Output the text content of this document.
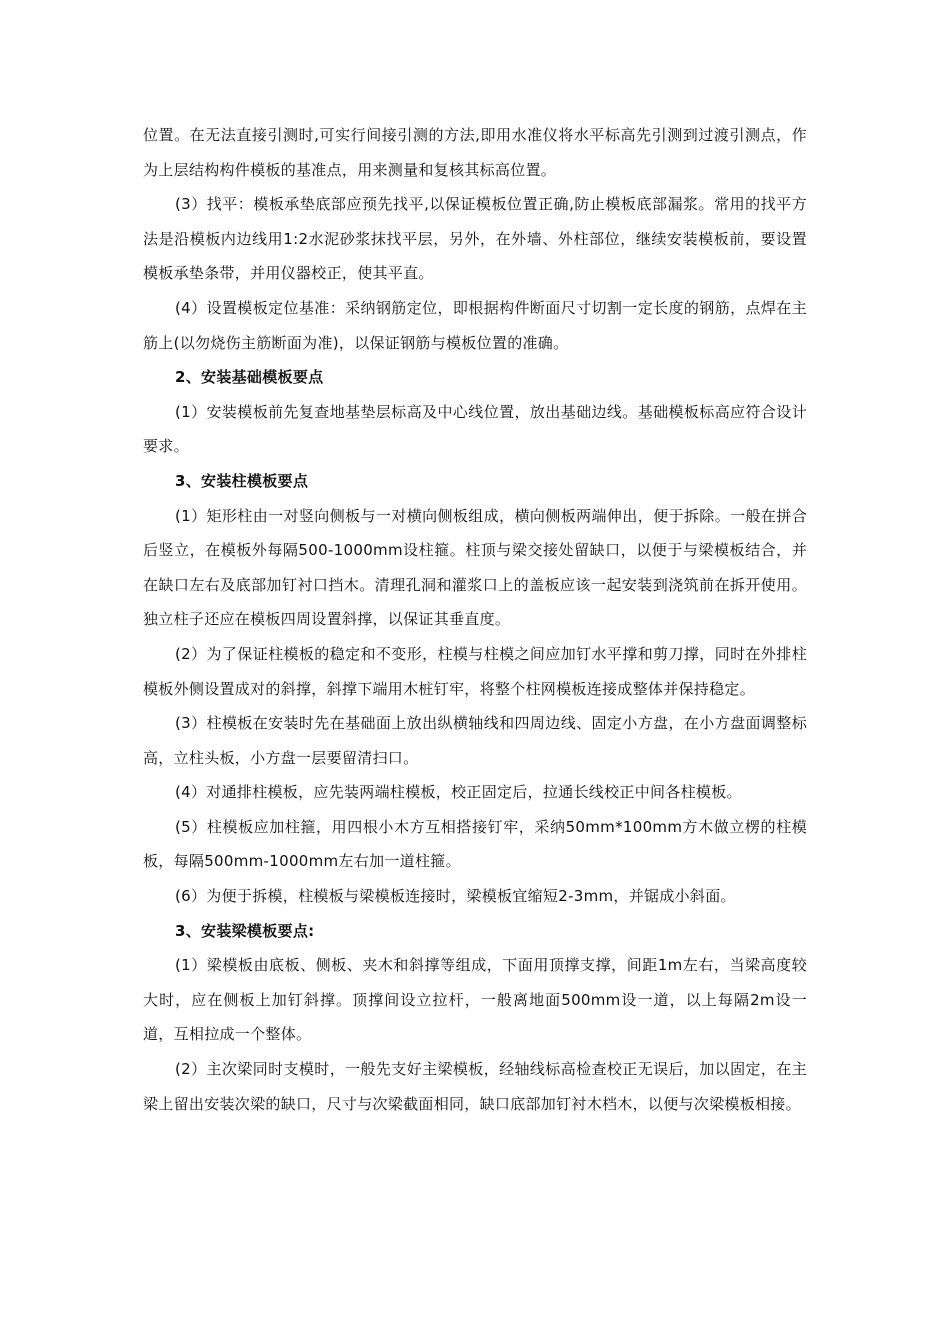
位置。在无法直接引测时,可实行间接引测的方法,即用水准仪将水平标高先引测到过渡引测点，作为上层结构构件模板的基准点，用来测量和复核其标高位置。

(3）找平：模板承垫底部应预先找平,以保证模板位置正确,防止模板底部漏浆。常用的找平方法是沿模板内边线用1:2水泥砂浆抹找平层，另外，在外墙、外柱部位，继续安装模板前，要设置模板承垫条带，并用仪器校正，使其平直。

(4）设置模板定位基准：采纳钢筋定位，即根据构件断面尺寸切割一定长度的钢筋，点焊在主筋上(以勿烧伤主筋断面为准)，以保证钢筋与模板位置的准确。

2、安装基础模板要点

(1）安装模板前先复查地基垫层标高及中心线位置，放出基础边线。基础模板标高应符合设计要求。

3、安装柱模板要点

(1）矩形柱由一对竖向侧板与一对横向侧板组成，横向侧板两端伸出，便于拆除。一般在拼合后竖立，在模板外每隔500-1000mm设柱箍。柱顶与梁交接处留缺口，以便于与梁模板结合，并在缺口左右及底部加钉衬口挡木。清理孔洞和灌浆口上的盖板应该一起安装到浇筑前在拆开使用。独立柱子还应在模板四周设置斜撑，以保证其垂直度。

(2）为了保证柱模板的稳定和不变形，柱模与柱模之间应加钉水平撑和剪刀撑，同时在外排柱模板外侧设置成对的斜撑，斜撑下端用木桩钉牢，将整个柱网模板连接成整体并保持稳定。

(3）柱模板在安装时先在基础面上放出纵横轴线和四周边线、固定小方盘，在小方盘面调整标高，立柱头板，小方盘一层要留清扫口。

(4）对通排柱模板，应先装两端柱模板，校正固定后，拉通长线校正中间各柱模板。

(5）柱模板应加柱箍，用四根小木方互相搭接钉牢，采纳50mm*100mm方木做立楞的柱模板，每隔500mm-1000mm左右加一道柱箍。

(6）为便于拆模，柱模板与梁模板连接时，梁模板宜缩短2-3mm，并锯成小斜面。

3、安装梁模板要点:

(1）梁模板由底板、侧板、夹木和斜撑等组成，下面用顶撑支撑，间距1m左右，当梁高度较大时，应在侧板上加钉斜撑。顶撑间设立拉杆，一般离地面500mm设一道，以上每隔2m设一道，互相拉成一个整体。

(2）主次梁同时支模时，一般先支好主梁模板，经轴线标高检查校正无误后，加以固定，在主梁上留出安装次梁的缺口，尺寸与次梁截面相同，缺口底部加钉衬木档木，以便与次梁模板相接。
